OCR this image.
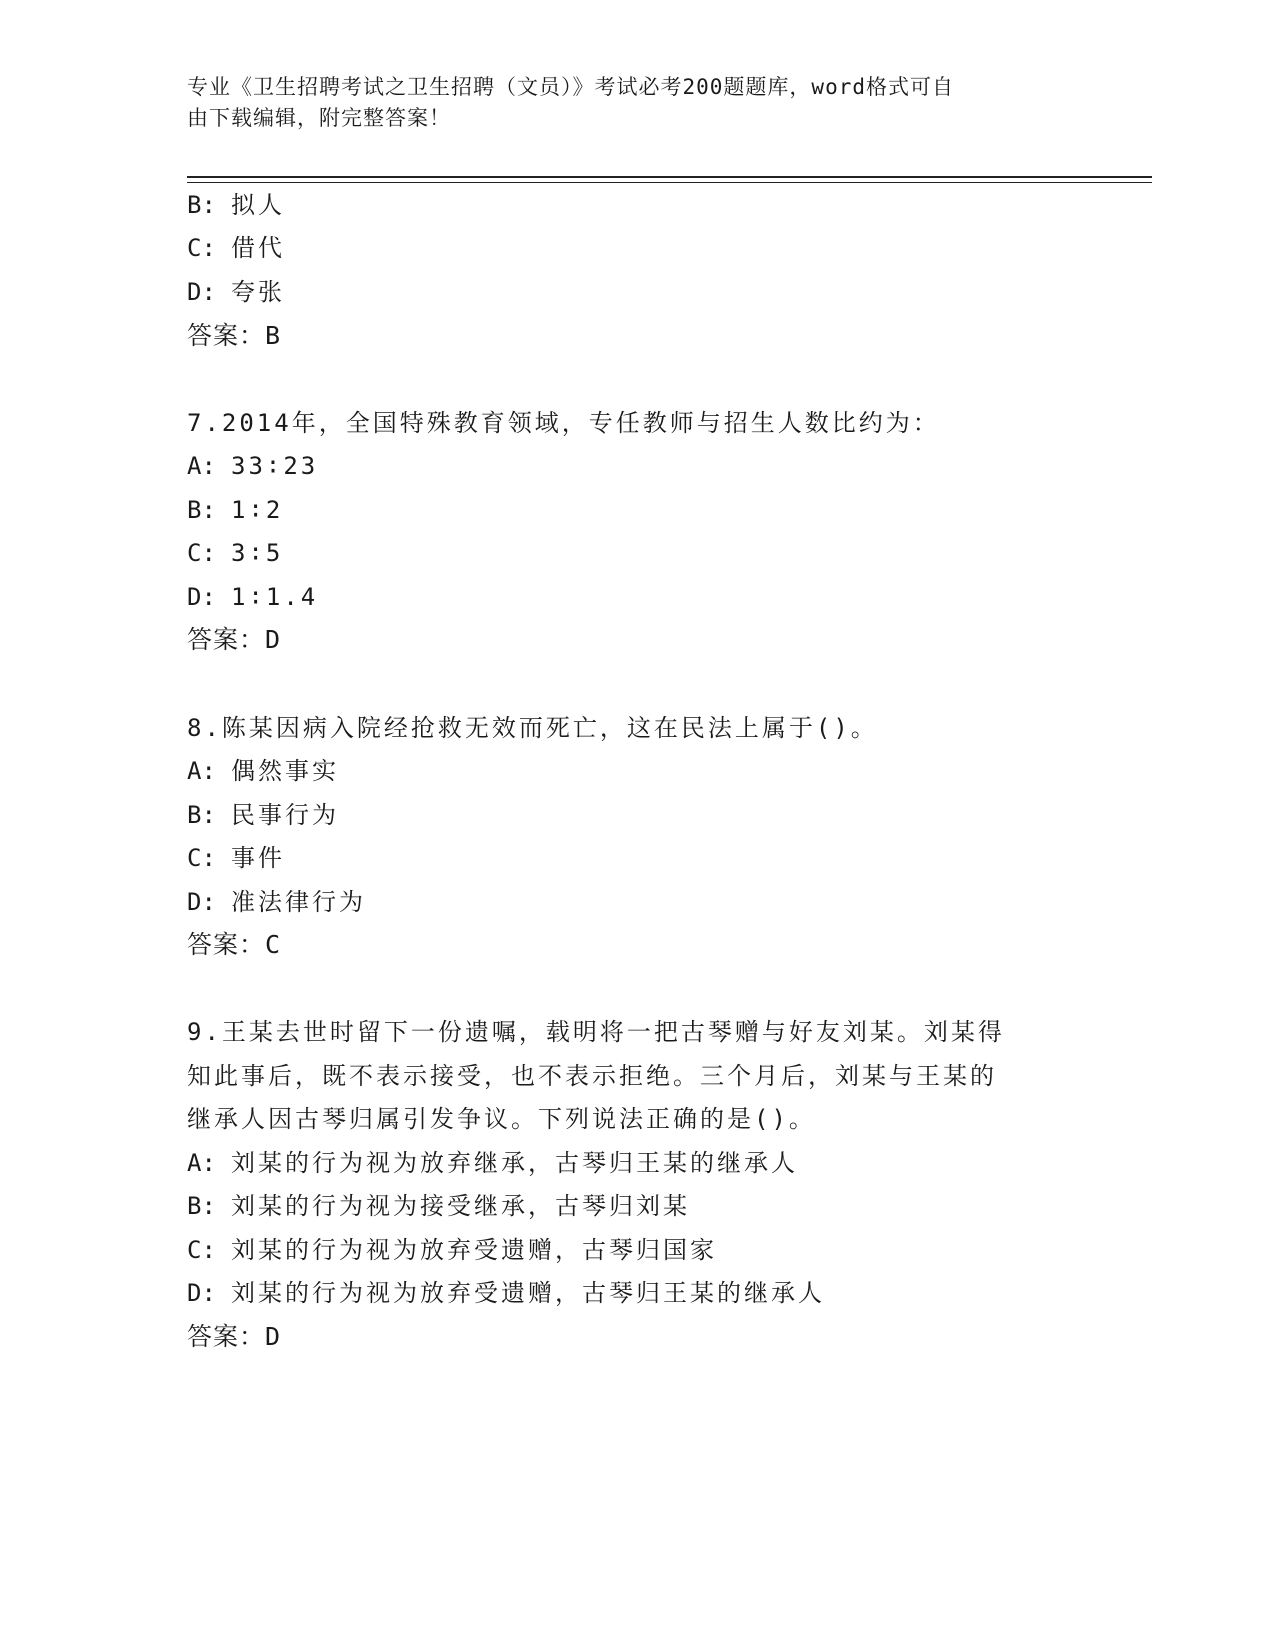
专业《卫生招聘考试之卫生招聘（文员）》考试必考200题题库，word格式可自
由下载编辑，附完整答案！
B: 拟人
C: 借代
D: 夸张
答案：B
7.2014年，全国特殊教育领域，专任教师与招生人数比约为：
A: 33∶23
B: 1∶2
C: 3∶5
D: 1∶1.4
答案：D
8.陈某因病入院经抢救无效而死亡，这在民法上属于()。
A: 偶然事实
B: 民事行为
C: 事件
D: 准法律行为
答案：C
9.王某去世时留下一份遗嘱，载明将一把古琴赠与好友刘某。刘某得
知此事后，既不表示接受，也不表示拒绝。三个月后，刘某与王某的
继承人因古琴归属引发争议。下列说法正确的是()。
A: 刘某的行为视为放弃继承，古琴归王某的继承人
B: 刘某的行为视为接受继承，古琴归刘某
C: 刘某的行为视为放弃受遗赠，古琴归国家
D: 刘某的行为视为放弃受遗赠，古琴归王某的继承人
答案：D
